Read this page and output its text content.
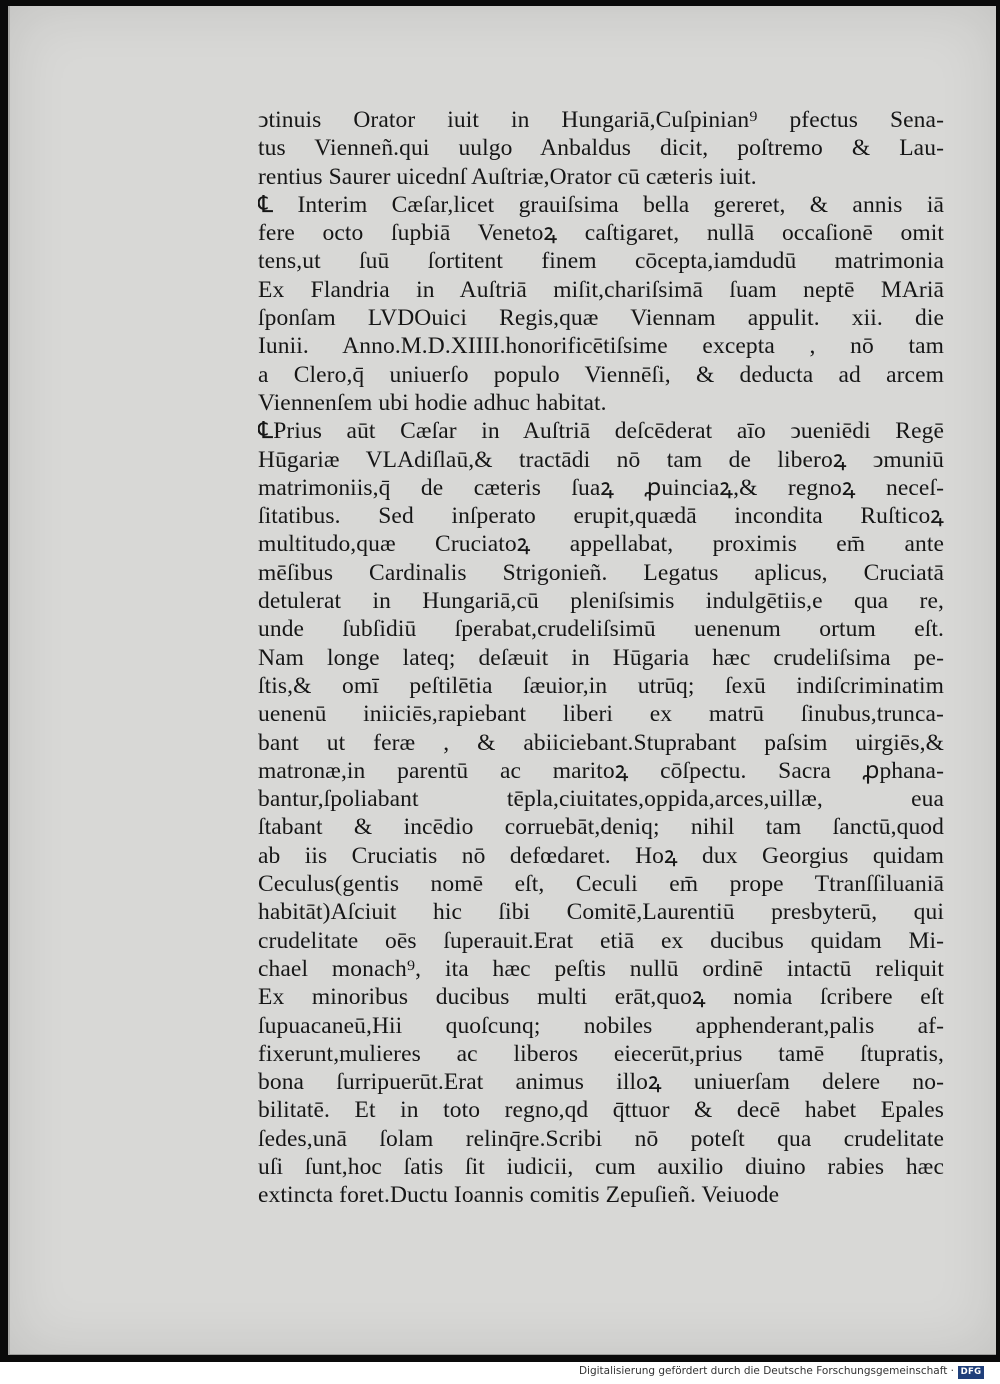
ↄtinuis Orator iuit in Hungariā,Cuſpinian⁹ pfectus Sena-
tus Vienneñ.qui uulgo Anbaldus dicit, poſtremo & Lau-
rentius Saurer uicednſ Auſtriæ,Orator cū cæteris iuit.
℄ Interim Cæſar,licet grauiſsima bella gereret, & annis iā
fere octo ſupbiā Venetoꝝ caſtigaret, nullā occaſionē omit
tens,ut ſuū ſortitent finem cōcepta,iamdudū matrimonia
Ex Flandria in Auſtriā miſit,chariſsimā ſuam neptē MAriā
ſponſam LVDOuici Regis,quæ Viennam appulit. xii. die
Iunii. Anno.M.D.XIIII.honorificētiſsime excepta , nō tam
a Clero,q̄ uniuerſo populo Viennēſi, & deducta ad arcem
Viennenſem ubi hodie adhuc habitat.
℄Prius aūt Cæſar in Auſtriā deſcēderat aīo ↄueniēdi Regē
Hūgariæ VLAdiſlaū,& tractādi nō tam de liberoꝝ ↄmuniū
matrimoniis,q̄ de cæteris ſuaꝝ ꝓuinciaꝝ,& regnoꝝ neceſ-
ſitatibus. Sed inſperato erupit,quædā incondita Ruſticoꝝ
multitudo,quæ Cruciatoꝝ appellabat, proximis em̄ ante
mēſibus Cardinalis Strigonieñ. Legatus aplicus, Cruciatā
detulerat in Hungariā,cū pleniſsimis indulgētiis,e qua re,
unde ſubſidiū ſperabat,crudeliſsimū uenenum ortum eſt.
Nam longe lateq; deſæuit in Hūgaria hæc crudeliſsima pe-
ſtis,& omī peſtilētia ſæuior,in utrūq; ſexū indiſcriminatim
uenenū iniiciēs,rapiebant liberi ex matrū ſinubus,trunca-
bant ut feræ , & abiiciebant.Stuprabant paſsim uirgiēs,&
matronæ,in parentū ac maritoꝝ cōſpectu. Sacra ꝓphana-
bantur,ſpoliabant tēpla,ciuitates,oppida,arces,uillæ, eua
ſtabant & incēdio corruebāt,deniq; nihil tam ſanctū,quod
ab iis Cruciatis nō defœdaret. Hoꝝ dux Georgius quidam
Ceculus(gentis nomē eſt, Ceculi em̄ prope Ttranſſiluaniā
habitāt)Aſciuit hic ſibi Comitē,Laurentiū presbyterū, qui
crudelitate oēs ſuperauit.Erat etiā ex ducibus quidam Mi-
chael monach⁹, ita hæc peſtis nullū ordinē intactū reliquit
Ex minoribus ducibus multi erāt,quoꝝ nomia ſcribere eſt
ſupuacaneū,Hii quoſcunq; nobiles apphenderant,palis af-
fixerunt,mulieres ac liberos eiecerūt,prius tamē ſtupratis,
bona ſurripuerūt.Erat animus illoꝝ uniuerſam delere no-
bilitatē. Et in toto regno,qd q̄ttuor & decē habet Epales
ſedes,unā ſolam relinq̄re.Scribi nō poteſt qua crudelitate
uſi ſunt,hoc ſatis ſit iudicii, cum auxilio diuino rabies hæc
extincta foret.Ductu Ioannis comitis Zepuſieñ. Veiuode
Digitalisierung gefördert durch die Deutsche Forschungsgemeinschaft · DFG
